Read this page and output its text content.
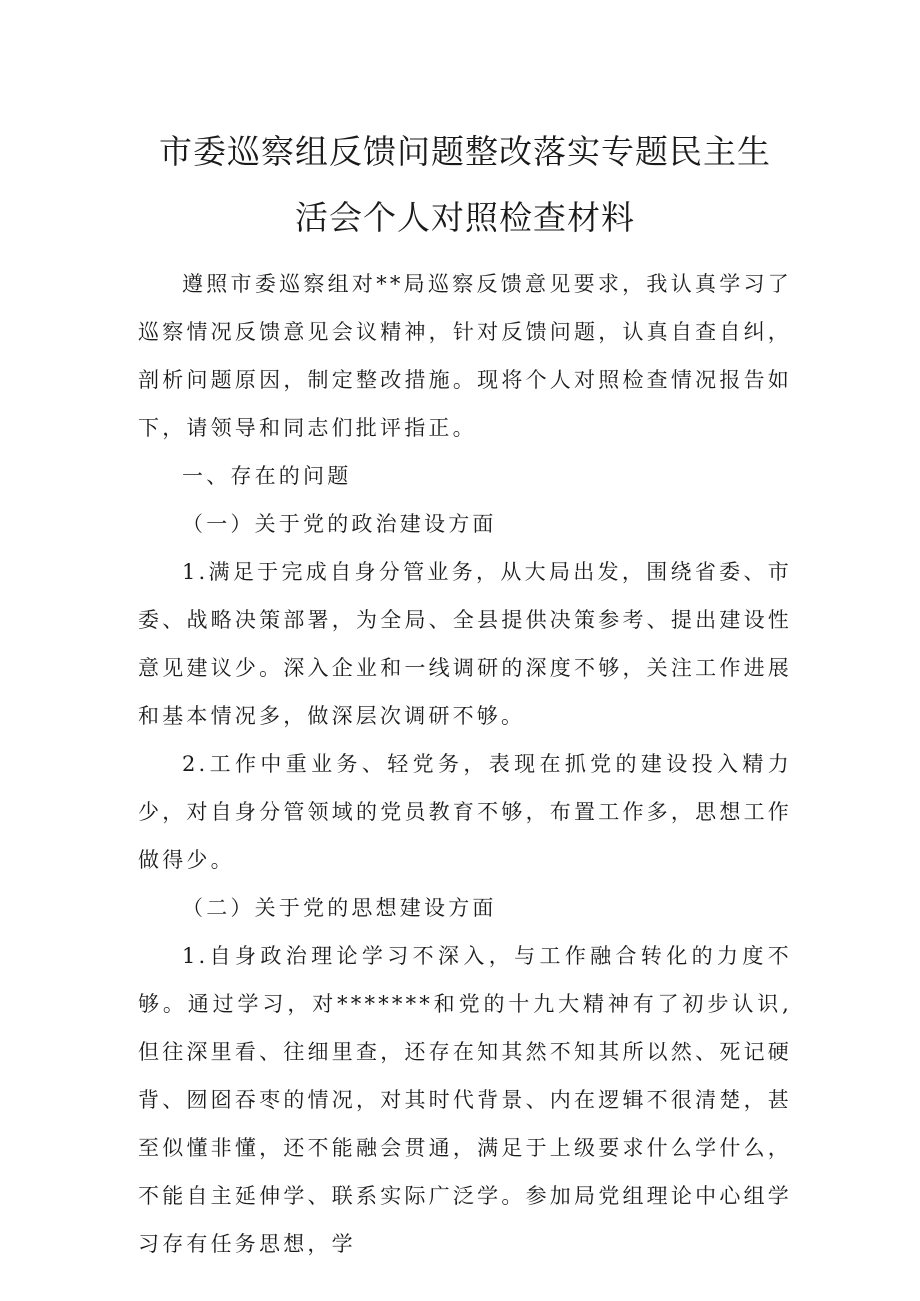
市委巡察组反馈问题整改落实专题民主生
活会个人对照检查材料

遵照市委巡察组对**局巡察反馈意见要求，我认真学习了巡察情况反馈意见会议精神，针对反馈问题，认真自查自纠，剖析问题原因，制定整改措施。现将个人对照检查情况报告如下，请领导和同志们批评指正。

一、存在的问题

（一）关于党的政治建设方面

1.满足于完成自身分管业务，从大局出发，围绕省委、市委、战略决策部署，为全局、全县提供决策参考、提出建设性意见建议少。深入企业和一线调研的深度不够，关注工作进展和基本情况多，做深层次调研不够。

2.工作中重业务、轻党务，表现在抓党的建设投入精力少，对自身分管领域的党员教育不够，布置工作多，思想工作做得少。

（二）关于党的思想建设方面

1.自身政治理论学习不深入，与工作融合转化的力度不够。通过学习，对*******和党的十九大精神有了初步认识,但往深里看、往细里查，还存在知其然不知其所以然、死记硬背、囫囵吞枣的情况，对其时代背景、内在逻辑不很清楚，甚至似懂非懂，还不能融会贯通，满足于上级要求什么学什么，不能自主延伸学、联系实际广泛学。参加局党组理论中心组学习存有任务思想，学
